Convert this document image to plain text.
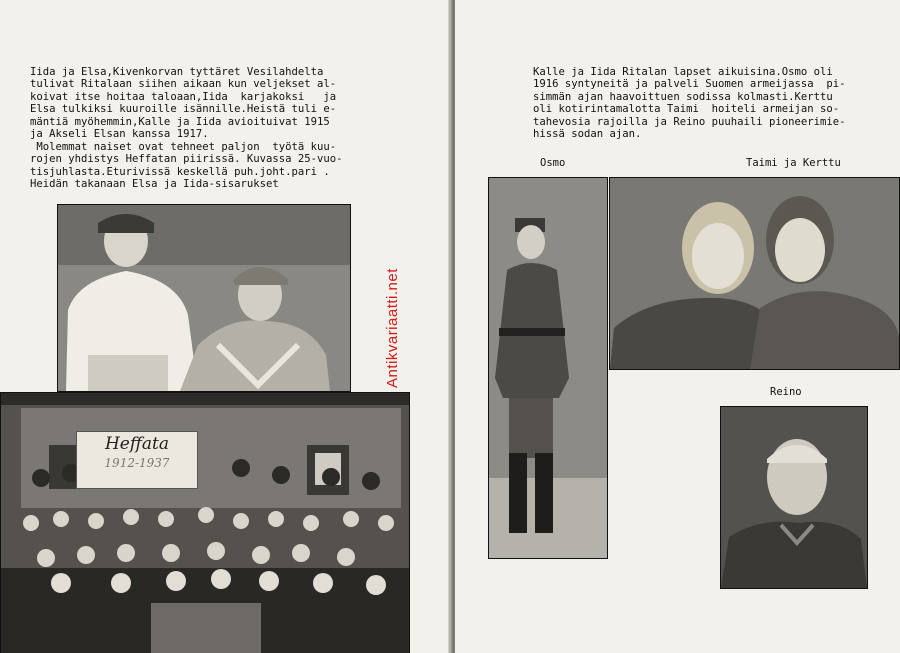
Iida ja Elsa,Kivenkorvan tyttäret Vesilahdelta
tulivat Ritalaan siihen aikaan kun veljekset al-
koivat itse hoitaa taloaan,Iida  karjakoksi   ja
Elsa tulkiksi kuuroille isännille.Heistä tuli e-
mäntiä myöhemmin,Kalle ja Iida avioituivat 1915
ja Akseli Elsan kanssa 1917.

Molemmat naiset ovat tehneet paljon  työtä kuu-
rojen yhdistys Heffatan piirissä. Kuvassa 25-vuo-
tisjuhlasta.Eturivissä keskellä puh.joht.pari .
Heidän takanaan Elsa ja Iida-sisarukset

Heffata
1912-1937
Antikvariaatti.net

Kalle ja Iida Ritalan lapset aikuisina.Osmo oli
1916 syntyneitä ja palveli Suomen armeijassa  pi-
simmän ajan haavoittuen sodissa kolmasti.Kerttu
oli kotirintamalotta Taimi  hoiteli armeijan so-
tahevosia rajoilla ja Reino puuhaili pioneerimie-
hissä sodan ajan.

Osmo	Taimi ja Kerttu

Reino
